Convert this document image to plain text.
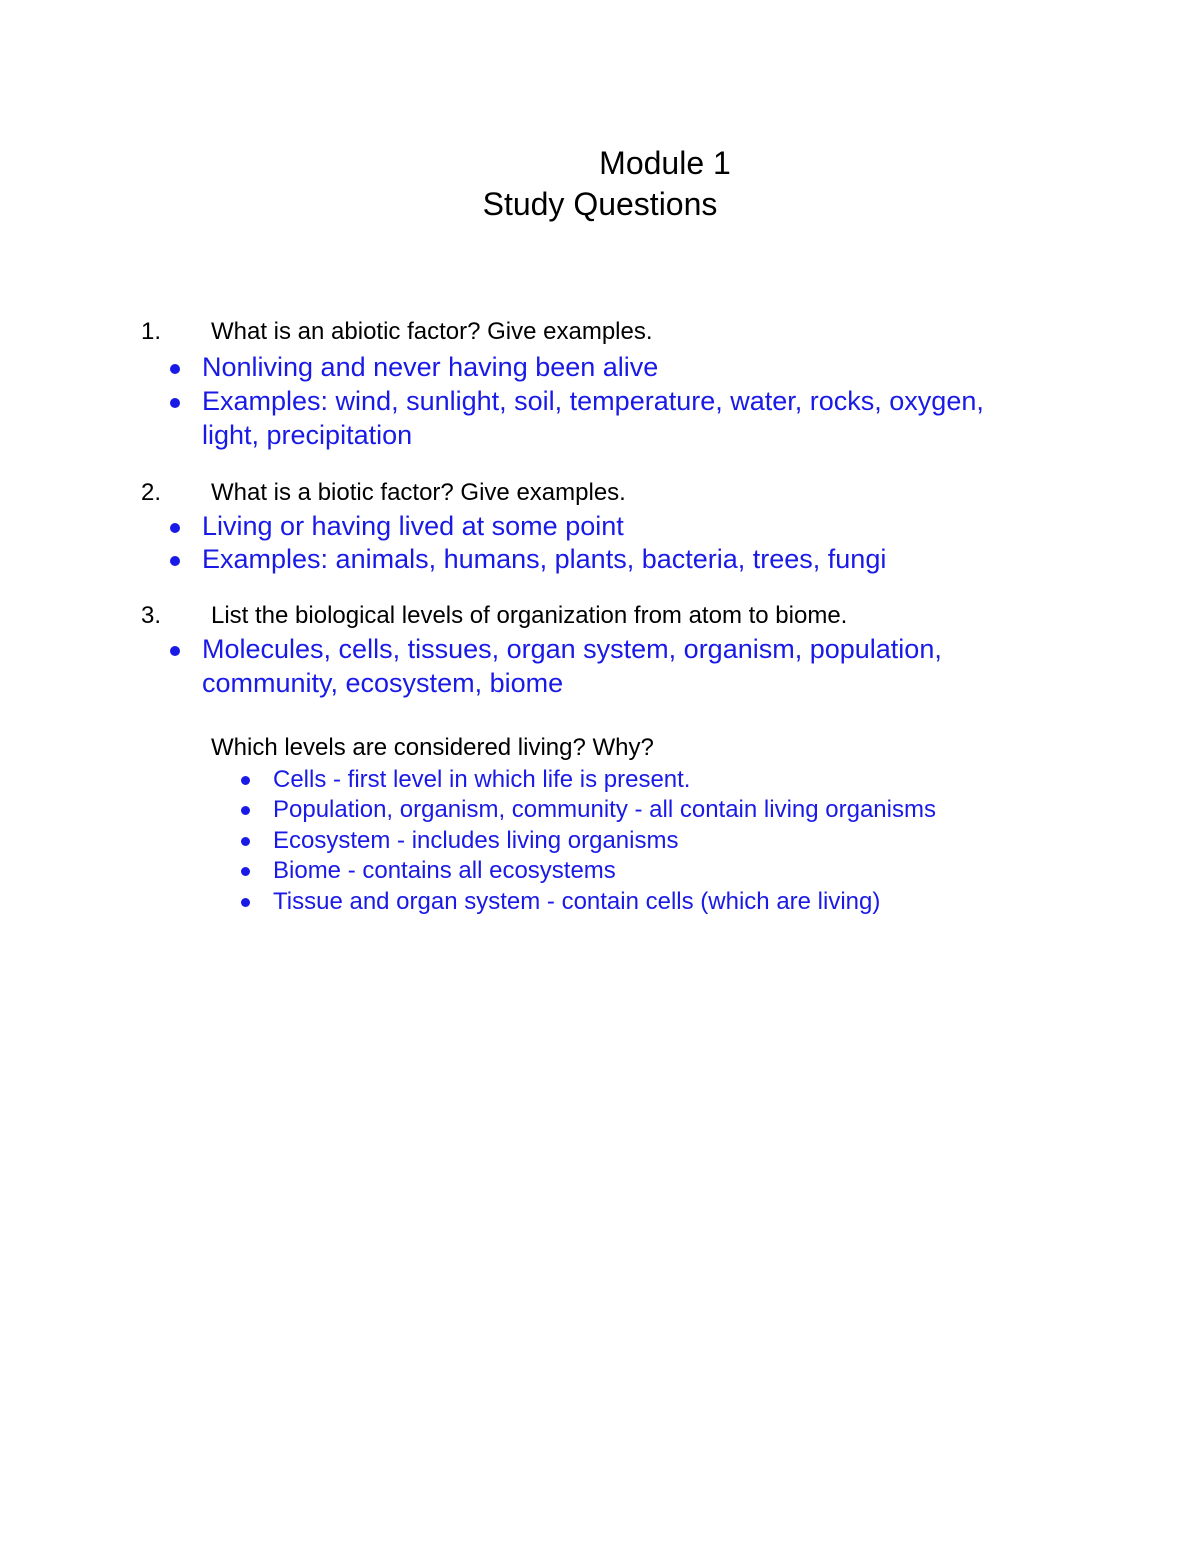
Module 1
Study Questions
1. What is an abiotic factor? Give examples.
Nonliving and never having been alive
Examples: wind, sunlight, soil, temperature, water, rocks, oxygen,
light, precipitation
2. What is a biotic factor? Give examples.
Living or having lived at some point
Examples: animals, humans, plants, bacteria, trees, fungi
3. List the biological levels of organization from atom to biome.
Molecules, cells, tissues, organ system, organism, population,
community, ecosystem, biome
Which levels are considered living? Why?
Cells - first level in which life is present.
Population, organism, community - all contain living organisms
Ecosystem - includes living organisms
Biome - contains all ecosystems
Tissue and organ system - contain cells (which are living)
